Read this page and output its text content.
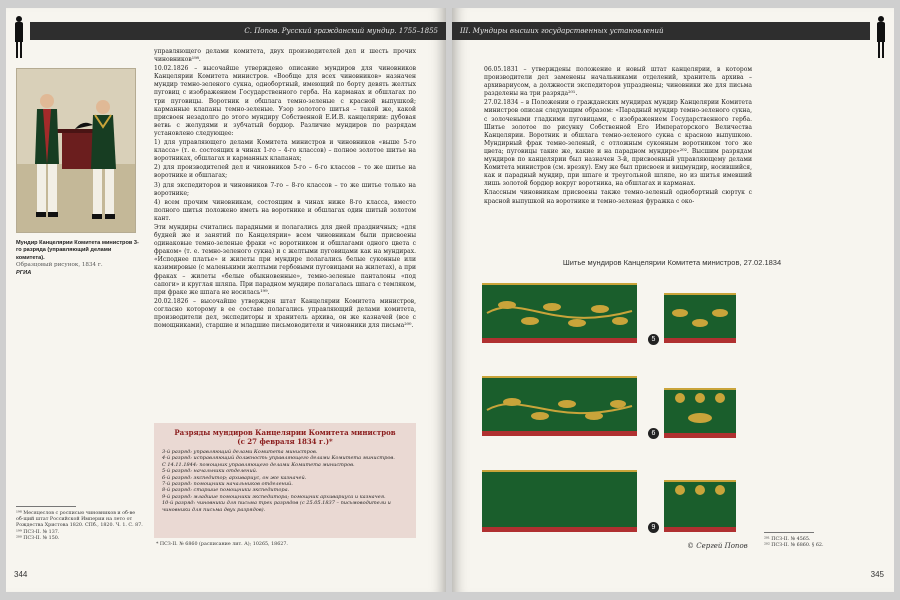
С. Попов. Русский гражданский мундир. 1755–1855
Мундир Канцелярии Комитета министров 3-го разряда (управляющий делами комитета).
Образцовый рисунок, 1834 г.
РГИА

управляющего делами комитета, двух производителей дел и шесть прочих чиновников¹⁹⁸.

10.02.1826 – высочайше утверждено описание мундиров для чиновников Канцелярии Комитета министров. «Вообще для всех чиновников» назначен мундир темно-зеленого сукна, однобортный, имеющий по борту девять желтых пуговиц с изображением Государственного герба. На карманах и обшлагах по три пуговицы. Воротник и обшлага темно-зеленые с красной выпушкой; карманные клапаны темно-зеленые. Узор золотого шитья – такой же, какой присвоен незадолго до этого мундиру Собственной Е.И.В. канцелярии: дубовая ветвь с желудями и зубчатый бордюр. Различие мундиров по разрядам установлено следующее:

1) для управляющего делами Комитета министров и чиновников «выше 5-го класса» (т. е. состоящих в чинах 1-го – 4-го классов) – полное золотое шитье на воротниках, обшлагах и карманных клапанах;

2) для производителей дел и чиновников 5-го – 6-го классов – то же шитье на воротнике и обшлагах;

3) для экспедиторов и чиновников 7-го – 8-го классов – то же шитье только на воротнике;

4) всем прочим чиновникам, состоящим в чинах ниже 8-го класса, вместо полного шитья положено иметь на воротнике и обшлагах один шитый золотом кант.

Эти мундиры считались парадными и полагались для дней праздничных; «для будней же и занятий по Канцелярии» всем чиновникам были присвоены одинаковые темно-зеленые фраки «с воротником и обшлагами одного цвета с фраком» (т. е. темно-зеленого сукна) и с желтыми пуговицами как на мундирах. «Исподнее платье» и жилеты при мундире полагались белые суконные или казимировые (с маленькими желтыми гербовыми пуговицами на жилетах), а при фраках – жилеты «белые обыкновенные», темно-зеленые панталоны «под сапоги» и круглая шляпа. При парадном мундире полагалась шпага с темляком, при фраке же шпага не носилась¹⁹⁹.

20.02.1826 – высочайше утвержден штат Канцелярии Комитета министров, согласно которому в ее составе полагались управляющий делами комитета, производители дел, экспедиторы и хранитель архива, он же казначей (все с помощниками), старшие и младшие письмоводители и чиновники для письма²⁰⁰.

Разряды мундиров Канцелярии Комитета министров
(с 27 февраля 1834 г.)*
3-й разряд: управляющий делами Комитета министров.
4-й разряд: исправляющий должность управляющего делами Комитета министров.
С 14.11.1844: помощник управляющего делами Комитета министров.
5-й разряд: начальники отделений.
6-й разряд: экспедитор; архивариус, он же казначей.
7-й разряд: помощники начальников отделений.
8-й разряд: старшие помощники экспедитора.
9-й разряд: младшие помощники экспедитора; помощник архивариуса и казначея.
10-й разряд: чиновники для письма трех разрядов (с 25.05.1837 – письмоводители и чиновники для письма двух разрядов).
* ПСЗ-II. № 6860 (расписание лит. А); 10265, 18627.
¹⁹⁸ Месяцеслов с росписью чиновников и об-ве об-щий штат Российской Империи на лето от Рождества Христова 1820. СПб., 1820. Ч. 1. С. 87.
¹⁹⁹ ПСЗ-II. № 137.
²⁰⁰ ПСЗ-II. № 150.
344
III. Мундиры высших государственных установлений

06.05.1831 – утверждены положение и новый штат канцелярии, в котором производители дел заменены начальниками отделений, хранитель архива – архивариусом, а должности экспедиторов упразднены; чиновники же для письма разделены на три разряда²⁰¹.

27.02.1834 – в Положении о гражданских мундирах мундир Канцелярии Комитета министров описан следующим образом: «Парадный мундир темно-зеленого сукна, с золочеными гладкими пуговицами, с изображением Государственного герба. Шитье золотое по рисунку Собственной Его Императорского Величества Канцелярии. Воротник и обшлага темно-зеленого сукна с красною выпушкою. Мундирный фрак темно-зеленый, с отложным суконным воротником того же цвета; пуговицы такие же, какие и на парадном мундире»²⁰². Высшим разрядам мундиров по канцелярии был назначен 3-й, присвоенный управляющему делами Комитета министров (см. врезку). Ему же был присвоен и вицмундир, носившийся, как и парадный мундир, при шпаге и треугольной шляпе, но из шитья имевший лишь золотой бордюр вокруг воротника, на обшлагах и карманах.

Классным чиновникам присвоены также темно-зеленый однобортный сюртук с красной выпушкой на воротнике и темно-зеленая фуражка с око-

Шитье мундиров Канцелярии Комитета министров, 27.02.1834
5
6
9
© Сергей Попов
²⁰¹ ПСЗ-II. № 4565.
²⁰² ПСЗ-II. № 6860. § 62.
345
